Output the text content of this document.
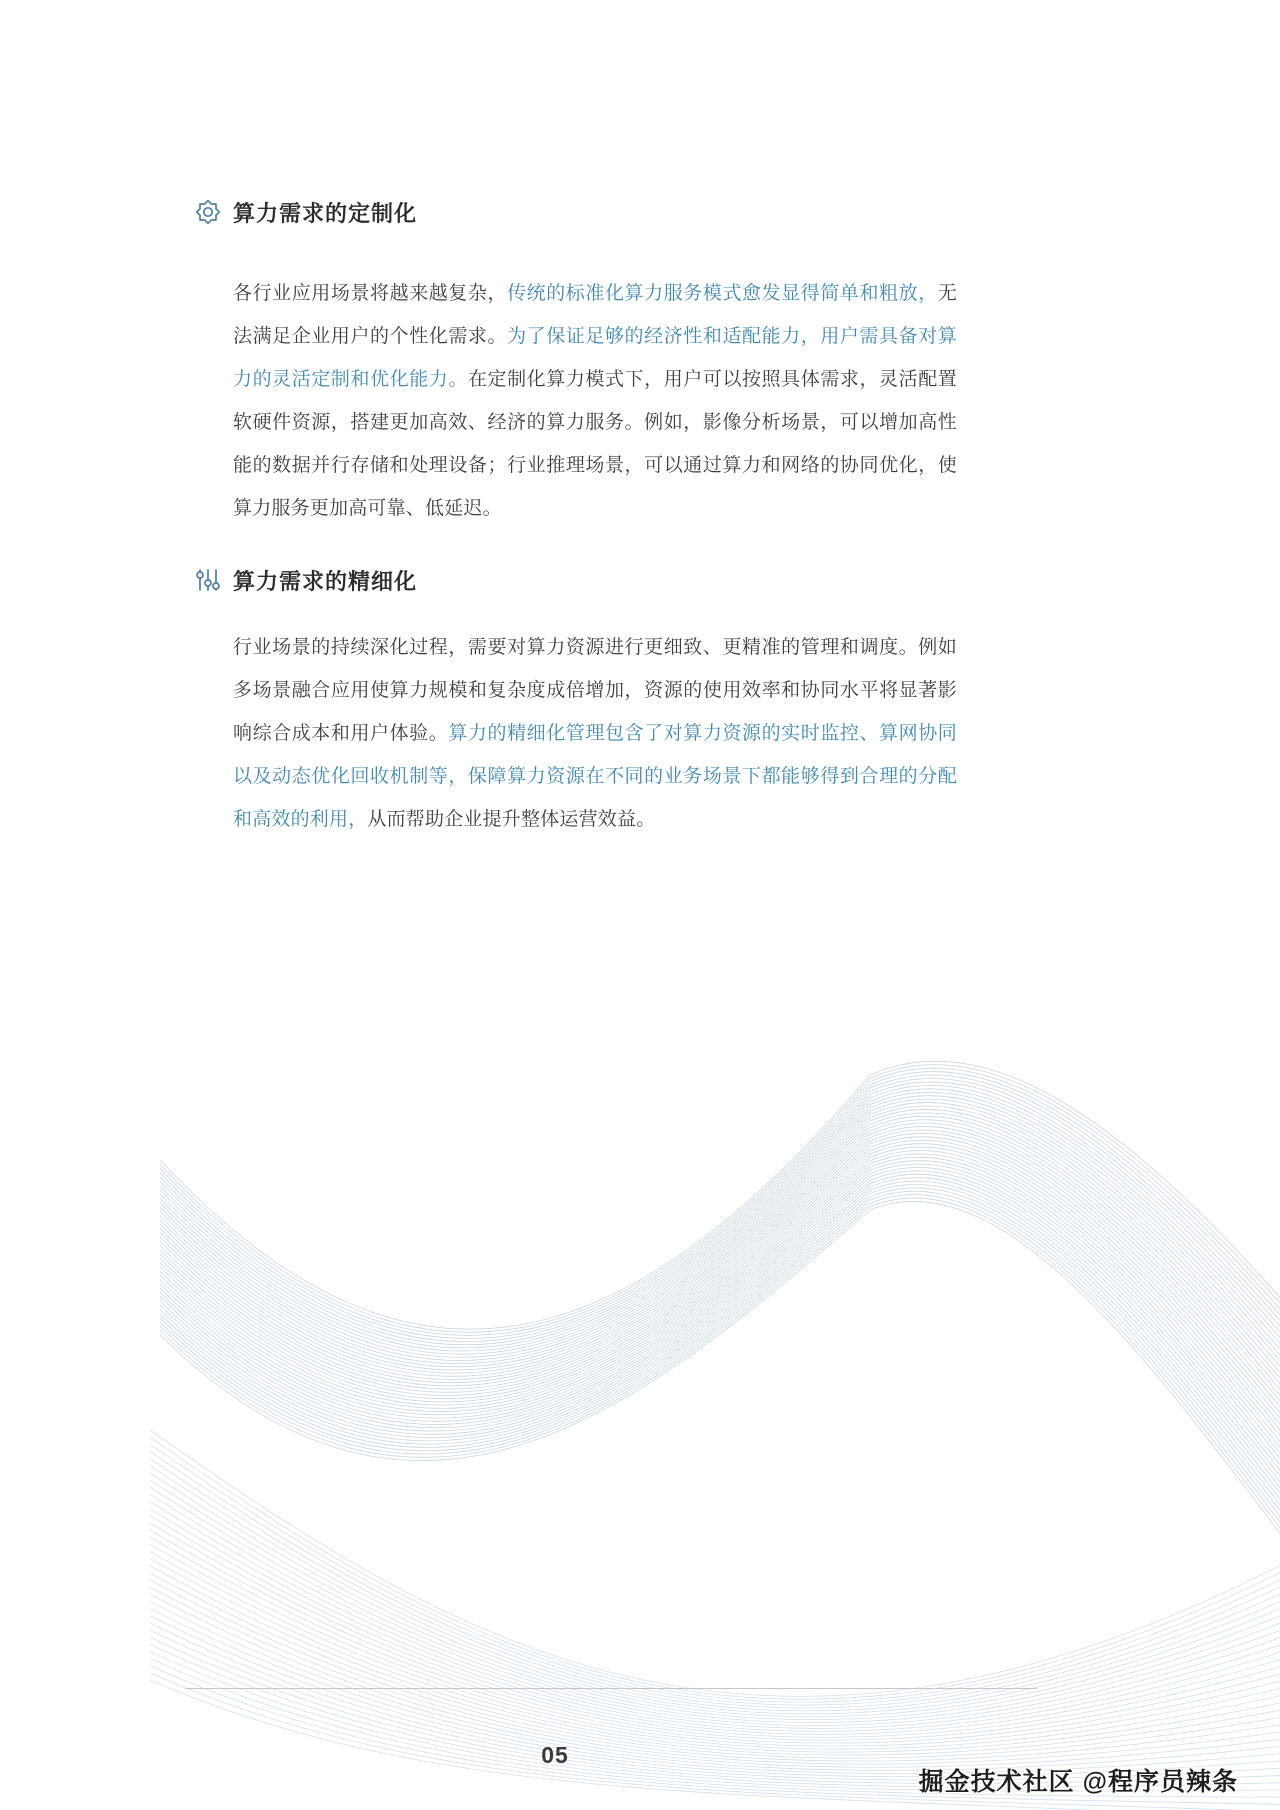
算力需求的定制化

各行业应用场景将越来越复杂，传统的标准化算力服务模式愈发显得简单和粗放，无法满足企业用户的个性化需求。为了保证足够的经济性和适配能力，用户需具备对算力的灵活定制和优化能力。在定制化算力模式下，用户可以按照具体需求，灵活配置软硬件资源，搭建更加高效、经济的算力服务。例如，影像分析场景，可以增加高性能的数据并行存储和处理设备；行业推理场景，可以通过算力和网络的协同优化，使算力服务更加高可靠、低延迟。

算力需求的精细化

行业场景的持续深化过程，需要对算力资源进行更细致、更精准的管理和调度。例如多场景融合应用使算力规模和复杂度成倍增加，资源的使用效率和协同水平将显著影响综合成本和用户体验。算力的精细化管理包含了对算力资源的实时监控、算网协同以及动态优化回收机制等，保障算力资源在不同的业务场景下都能够得到合理的分配和高效的利用，从而帮助企业提升整体运营效益。

05
掘金技术社区 @程序员辣条
